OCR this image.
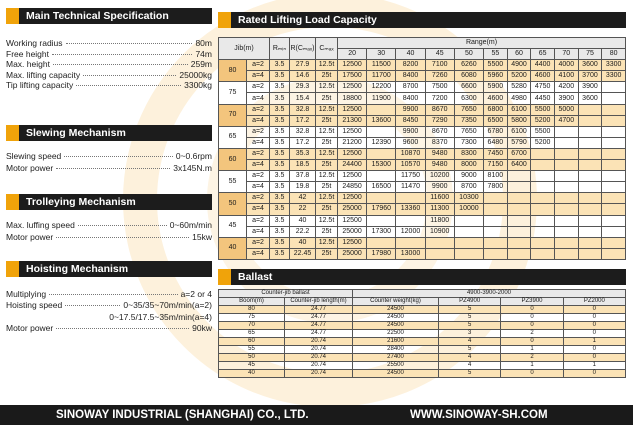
Main Technical Specification
Working radius	80m
Free height	74m
Max. height	259m
Max. lifting capacity	25000kg
Tip lifting capacity	3300kg
Slewing Mechanism
Slewing speed	0~0.6rpm
Motor power	3x145N.m
Trolleying Mechanism
Max. luffing speed	0~60m/min
Motor power	15kw
Hoisting Mechanism
Multiplying	a=2 or 4
Hoisting speed	0~35/35~70m/min(a=2)
0~17.5/17.5~35m/min(a=4)
Motor power	90kw
Rated Lifting Load Capacity
Jib(m)		Rₘᵢₙ	R(Cₘₐₓ)	Cₘₐₓ	Range(m)										
					20	30	40	45	50	55	60	65	70	75	80
80	a=2	3.5	27.9	12.5t	12500	11500	8200	7100	6260	5500	4900	4400	4000	3600	3300
	a=4	3.5	14.6	25t	17500	11700	8400	7260	6080	5960	5200	4600	4100	3700	3300
75	a=2	3.5	29.3	12.5t	12500	12200	8700	7500	6600	5900	5280	4750	4200	3900	
	a=4	3.5	15.4	25t	18800	11900	8400	7200	6300	4600	4980	4450	3900	3600	
70	a=2	3.5	32.8	12.5t	12500		9900	8670	7650	6800	6100	5500	5000		
	a=4	3.5	17.2	25t	21300	13600	8450	7290	7350	6500	5800	5200	4700		
65	a=2	3.5	32.8	12.5t	12500		9900	8670	7650	6780	6100	5500			
	a=4	3.5	17.2	25t	21200	12390	9600	8370	7300	6480	5790	5200			
60	a=2	3.5	35.3	12.5t	12500		10870	9480	8300	7450	6700				
	a=4	3.5	18.5	25t	24400	15300	10570	9480	8000	7150	6400				
55	a=2	3.5	37.8	12.5t	12500		11750	10200	9000	8100					
	a=4	3.5	19.8	25t	24850	16500	11470	9900	8700	7800					
50	a=2	3.5	42	12.5t	12500			11600	10300						
	a=4	3.5	22	25t	25000	17960	13360	11300	10000						
45	a=2	3.5	40	12.5t	12500			11800							
	a=4	3.5	22.2	25t	25000	17300	12000	10900							
40	a=2	3.5	40	12.5t	12500										
	a=4	3.5	22.45	25t	25000	17980	13000								
Ballast
Counter-jib ballast		4900-3900-2000			
Boom(m)	Counter-jib length(m)	Counter weight(kg)	PZ4900	PZ3900	PZ2000
80	24.77	24500	5	0	0
75	24.77	24500	5	0	0
70	24.77	24500	5	0	0
65	24.77	22500	3	2	0
60	20.74	21600	4	0	1
55	20.74	28400	5	1	0
50	20.74	27400	4	2	0
45	20.74	25500	4	1	1
40	20.74	24500	5	0	0
SINOWAY INDUSTRIAL (SHANGHAI) CO., LTD.	WWW.SINOWAY-SH.COM
